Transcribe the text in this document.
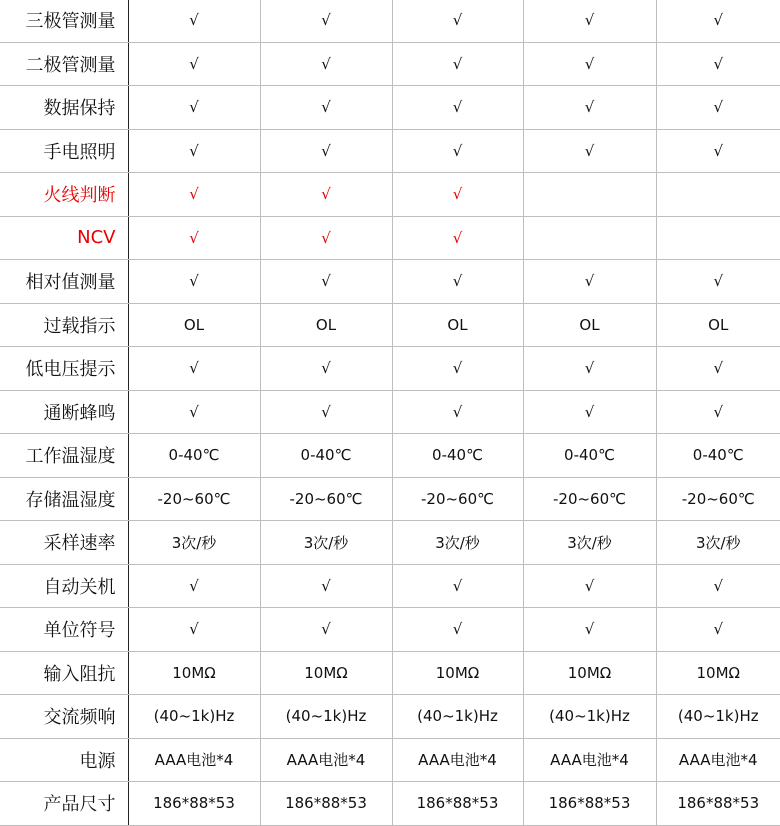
三极管测量	√	√	√	√	√
二极管测量	√	√	√	√	√
数据保持	√	√	√	√	√
手电照明	√	√	√	√	√
火线判断	√	√	√		
NCV	√	√	√		
相对值测量	√	√	√	√	√
过载指示	OL	OL	OL	OL	OL
低电压提示	√	√	√	√	√
通断蜂鸣	√	√	√	√	√
工作温湿度	0-40℃	0-40℃	0-40℃	0-40℃	0-40℃
存储温湿度	-20~60℃	-20~60℃	-20~60℃	-20~60℃	-20~60℃
采样速率	3次/秒	3次/秒	3次/秒	3次/秒	3次/秒
自动关机	√	√	√	√	√
单位符号	√	√	√	√	√
输入阻抗	10MΩ	10MΩ	10MΩ	10MΩ	10MΩ
交流频响	(40~1k)Hz	(40~1k)Hz	(40~1k)Hz	(40~1k)Hz	(40~1k)Hz
电源	AAA电池*4	AAA电池*4	AAA电池*4	AAA电池*4	AAA电池*4
产品尺寸	186*88*53	186*88*53	186*88*53	186*88*53	186*88*53
